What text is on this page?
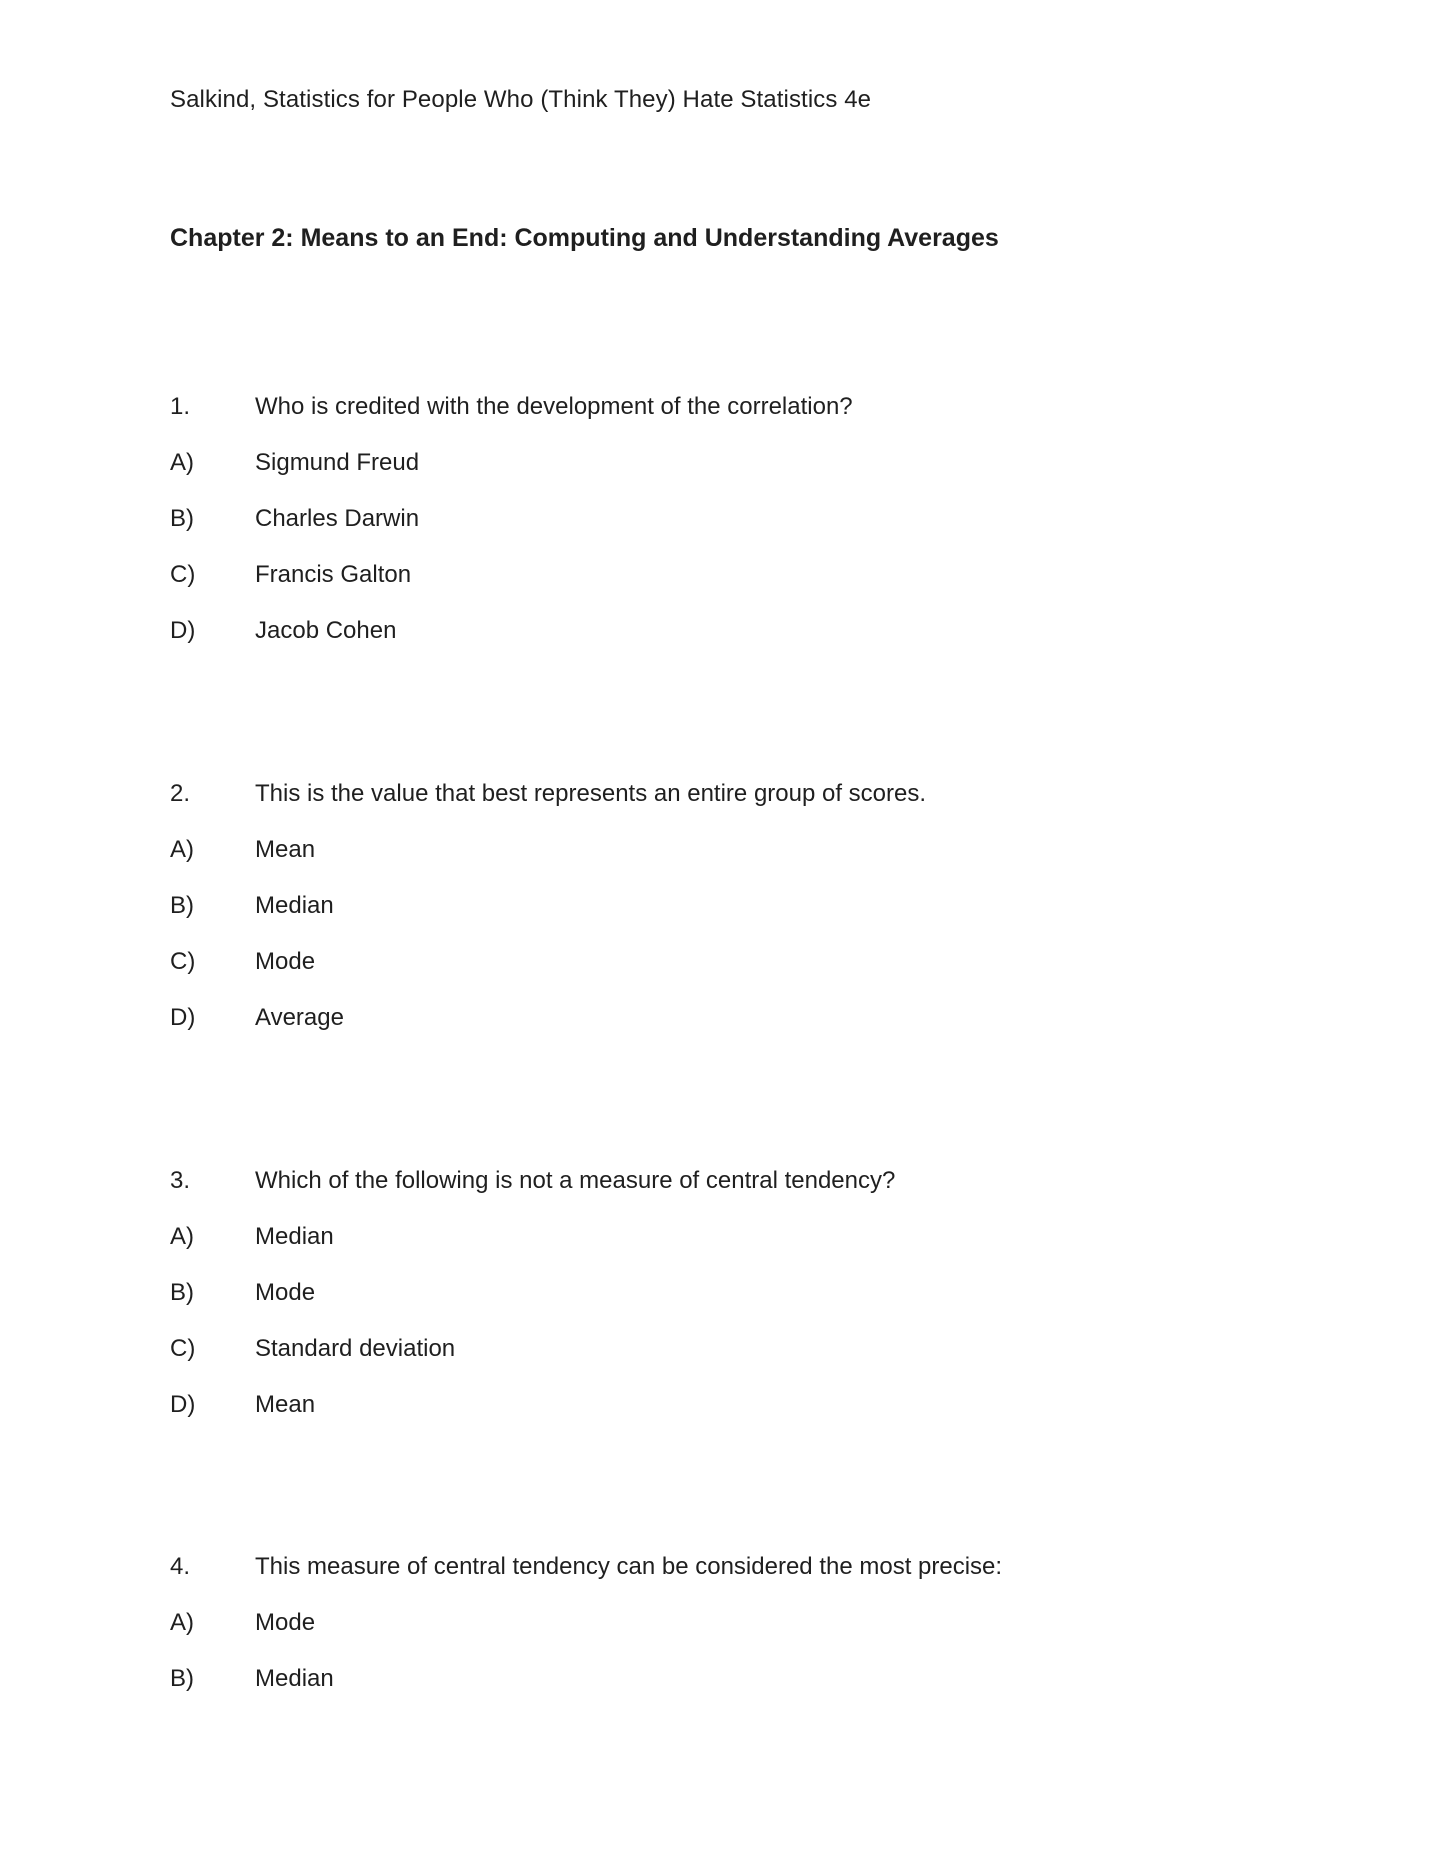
Salkind, Statistics for People Who (Think They) Hate Statistics 4e
Chapter 2: Means to an End: Computing and Understanding Averages
1.	Who is credited with the development of the correlation?
A)	Sigmund Freud
B)	Charles Darwin
C)	Francis Galton
D)	Jacob Cohen
2.	This is the value that best represents an entire group of scores.
A)	Mean
B)	Median
C)	Mode
D)	Average
3.	Which of the following is not a measure of central tendency?
A)	Median
B)	Mode
C)	Standard deviation
D)	Mean
4.	This measure of central tendency can be considered the most precise:
A)	Mode
B)	Median
